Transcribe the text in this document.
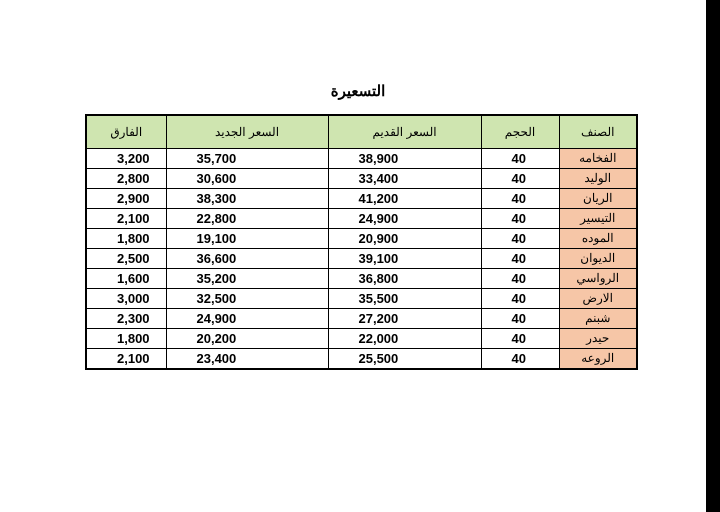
التسعيرة
الصنف	الحجم	السعر القديم	السعر الجديد	الفارق
الفخامه	40	38,900	35,700	3,200
الوليد	40	33,400	30,600	2,800
الريان	40	41,200	38,300	2,900
التيسير	40	24,900	22,800	2,100
الموده	40	20,900	19,100	1,800
الديوان	40	39,100	36,600	2,500
الرواسي	40	36,800	35,200	1,600
الارض	40	35,500	32,500	3,000
شبنم	40	27,200	24,900	2,300
حيدر	40	22,000	20,200	1,800
الروعه	40	25,500	23,400	2,100
